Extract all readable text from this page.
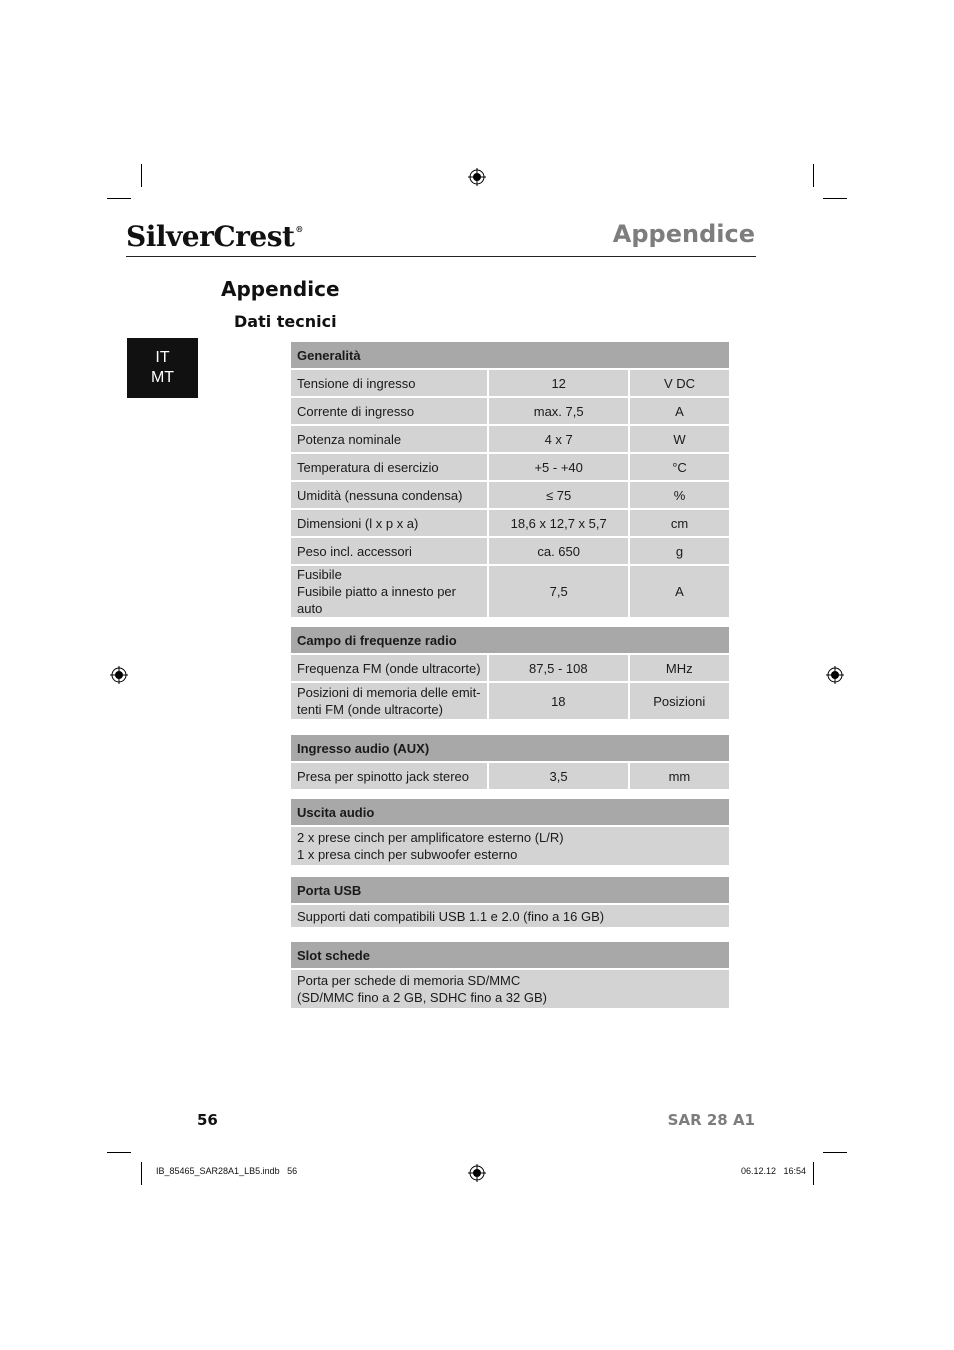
SilverCrest®	Appendice
Appendice
Dati tecnici
IT
MT
Generalità		
Tensione di ingresso	12	V DC
Corrente di ingresso	max. 7,5	A
Potenza nominale	4 x 7	W
Temperatura di esercizio	+5 - +40	°C
Umidità (nessuna condensa)	≤ 75	%
Dimensioni (l x p x a)	18,6 x 12,7 x 5,7	cm
Peso incl. accessori	ca. 650	g

Fusibile
Fusibile piatto a innesto per auto	7,5	A
Campo di frequenze radio		
Frequenza FM (onde ultracorte)	87,5 - 108	MHz

Posizioni di memoria delle emit-
tenti FM (onde ultracorte)	18	Posizioni
Ingresso audio (AUX)
Presa per spinotto jack stereo	3,5	mm
Uscita audio

2 x prese cinch per amplificatore esterno (L/R)
1 x presa cinch per subwoofer esterno
Porta USB
Supporti dati compatibili USB 1.1 e 2.0 (fino a 16 GB)
Slot schede

Porta per schede di memoria SD/MMC
(SD/MMC fino a 2 GB, SDHC fino a 32 GB)
56	SAR 28 A1
IB_85465_SAR28A1_LB5.indb   56	06.12.12   16:54
